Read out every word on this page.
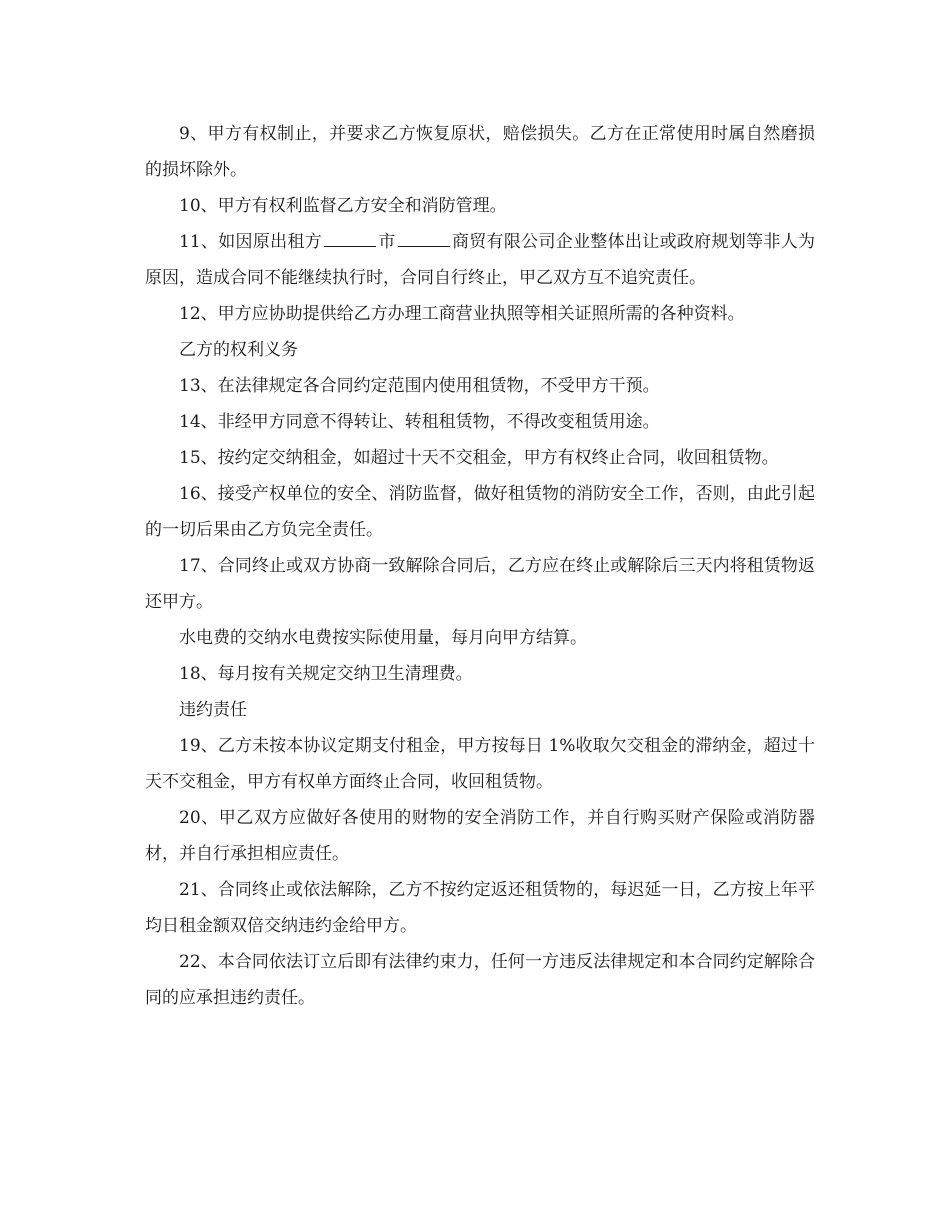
9、甲方有权制止，并要求乙方恢复原状，赔偿损失。乙方在正常使用时属自然磨损的损坏除外。

10、甲方有权利监督乙方安全和消防管理。

11、如因原出租方	市	商贸有限公司企业整体出让或政府规划等非人为原因，造成合同不能继续执行时，合同自行终止，甲乙双方互不追究责任。

12、甲方应协助提供给乙方办理工商营业执照等相关证照所需的各种资料。

乙方的权利义务

13、在法律规定各合同约定范围内使用租赁物，不受甲方干预。

14、非经甲方同意不得转让、转租租赁物，不得改变租赁用途。

15、按约定交纳租金，如超过十天不交租金，甲方有权终止合同，收回租赁物。

16、接受产权单位的安全、消防监督，做好租赁物的消防安全工作，否则，由此引起的一切后果由乙方负完全责任。

17、合同终止或双方协商一致解除合同后，乙方应在终止或解除后三天内将租赁物返还甲方。

水电费的交纳水电费按实际使用量，每月向甲方结算。

18、每月按有关规定交纳卫生清理费。

违约责任

19、乙方未按本协议定期支付租金，甲方按每日 1%收取欠交租金的滞纳金，超过十天不交租金，甲方有权单方面终止合同，收回租赁物。

20、甲乙双方应做好各使用的财物的安全消防工作，并自行购买财产保险或消防器材，并自行承担相应责任。

21、合同终止或依法解除，乙方不按约定返还租赁物的，每迟延一日，乙方按上年平均日租金额双倍交纳违约金给甲方。

22、本合同依法订立后即有法律约束力，任何一方违反法律规定和本合同约定解除合同的应承担违约责任。
